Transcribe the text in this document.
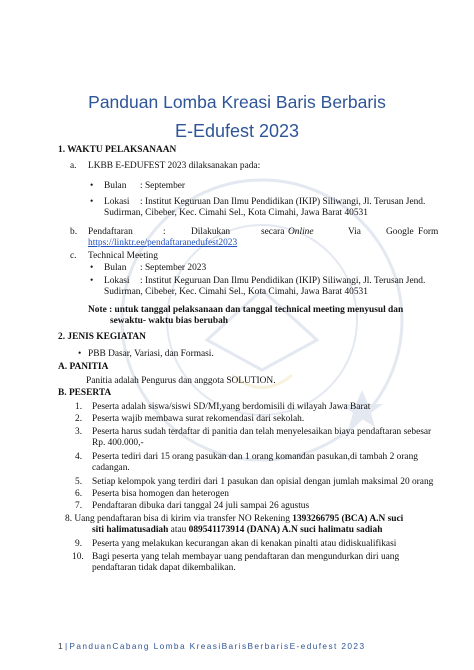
Panduan Lomba Kreasi Baris Berbaris
E-Edufest 2023
1. WAKTU PELAKSANAAN
a. LKBB E-EDUFEST 2023 dilaksanakan pada:
• Bulan : September
• Lokasi : Institut Keguruan Dan Ilmu Pendidikan (IKIP) Siliwangi, Jl. Terusan Jend.
Sudirman, Cibeber, Kec. Cimahi Sel., Kota Cimahi, Jawa Barat 40531
b. Pendaftaran	:	Dilakukan	secara Online	Via	Google Form
https://linktr.ee/pendaftaranedufest2023
c. Technical Meeting
• Bulan : September 2023
• Lokasi : Institut Keguruan Dan Ilmu Pendidikan (IKIP) Siliwangi, Jl. Terusan Jend.
Sudirman, Cibeber, Kec. Cimahi Sel., Kota Cimahi, Jawa Barat 40531
Note : untuk tanggal pelaksanaan dan tanggal technical meeting menyusul dan
sewaktu- waktu bias berubah
2. JENIS KEGIATAN
• PBB Dasar, Variasi, dan Formasi.
A. PANITIA
Panitia adalah Pengurus dan anggota SOLUTION.
B. PESERTA
1. Peserta adalah siswa/siswi SD/MI,yang berdomisili di wilayah Jawa Barat
2. Peserta wajib membawa surat rekomendasi dari sekolah.
3. Peserta harus sudah terdaftar di panitia dan telah menyelesaikan biaya pendaftaran sebesar
Rp. 400.000,-
4. Peserta tediri dari 15 orang pasukan dan 1 orang komandan pasukan,di tambah 2 orang
cadangan.
5. Setiap kelompok yang terdiri dari 1 pasukan dan opisial dengan jumlah maksimal 20 orang
6. Peserta bisa homogen dan heterogen
7. Pendaftaran dibuka dari tanggal 24 juli sampai 26 agustus
8. Uang pendaftaran bisa di kirim via transfer NO Rekening 1393266795 (BCA) A.N suci
siti halimatusadiah atau 089541173914 (DANA) A.N suci halimatu sadiah
9. Peserta yang melakukan kecurangan akan di kenakan pinalti atau didiskualifikasi
10. Bagi peserta yang telah membayar uang pendaftaran dan mengundurkan diri uang
pendaftaran tidak dapat dikembalikan.
1 | PanduanCabang Lomba KreasiBarisBerbarisE-edufest 2023
